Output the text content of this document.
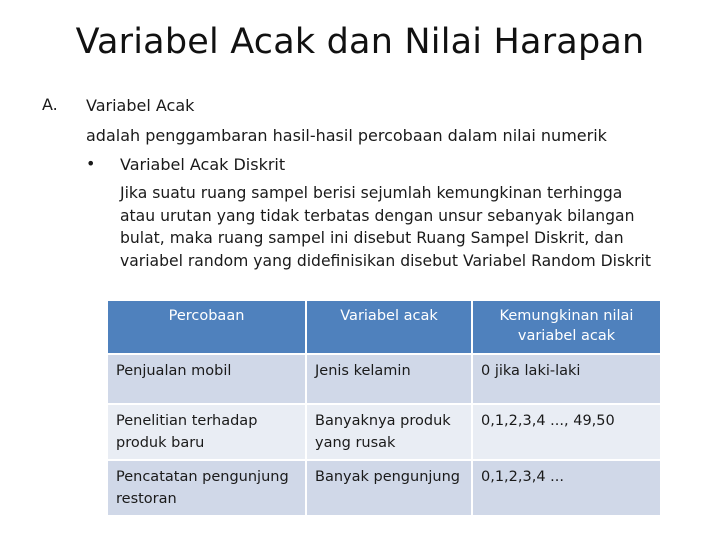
Variabel Acak dan Nilai Harapan
A. Variabel Acak
adalah penggambaran hasil-hasil percobaan dalam nilai numerik
• Variabel Acak Diskrit
Jika suatu ruang sampel berisi sejumlah kemungkinan terhingga
atau urutan yang tidak terbatas dengan unsur sebanyak bilangan
bulat, maka ruang sampel ini disebut Ruang Sampel Diskrit, dan
variabel random yang didefinisikan disebut Variabel Random Diskrit
Percobaan	Variabel acak	Kemungkinan nilai variabel acak
Penjualan mobil	Jenis kelamin	0 jika laki-laki
Penelitian terhadap produk baru	Banyaknya produk yang rusak	0,1,2,3,4 ..., 49,50
Pencatatan pengunjung restoran	Banyak pengunjung	0,1,2,3,4 ...
